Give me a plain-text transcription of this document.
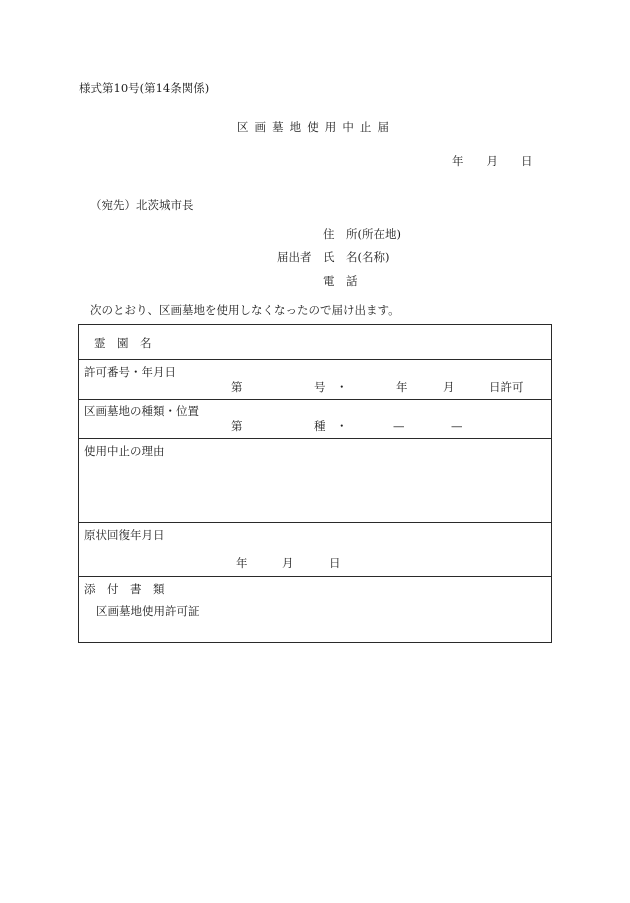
様式第10号(第14条関係)
区 画 墓 地 使 用 中 止 届
年　　月　　日
（宛先）北茨城市長
住　所(所在地)
届出者 氏　名(名称)
電　話
次のとおり、区画墓地を使用しなくなったので届け出ます。
霊　園　名
許可番号・年月日
第	号 ・	年	月	日許可
区画墓地の種類・位置
第	種 ・	—	—
使用中止の理由
原状回復年月日
年	月	日
添　付　書　類
区画墓地使用許可証
